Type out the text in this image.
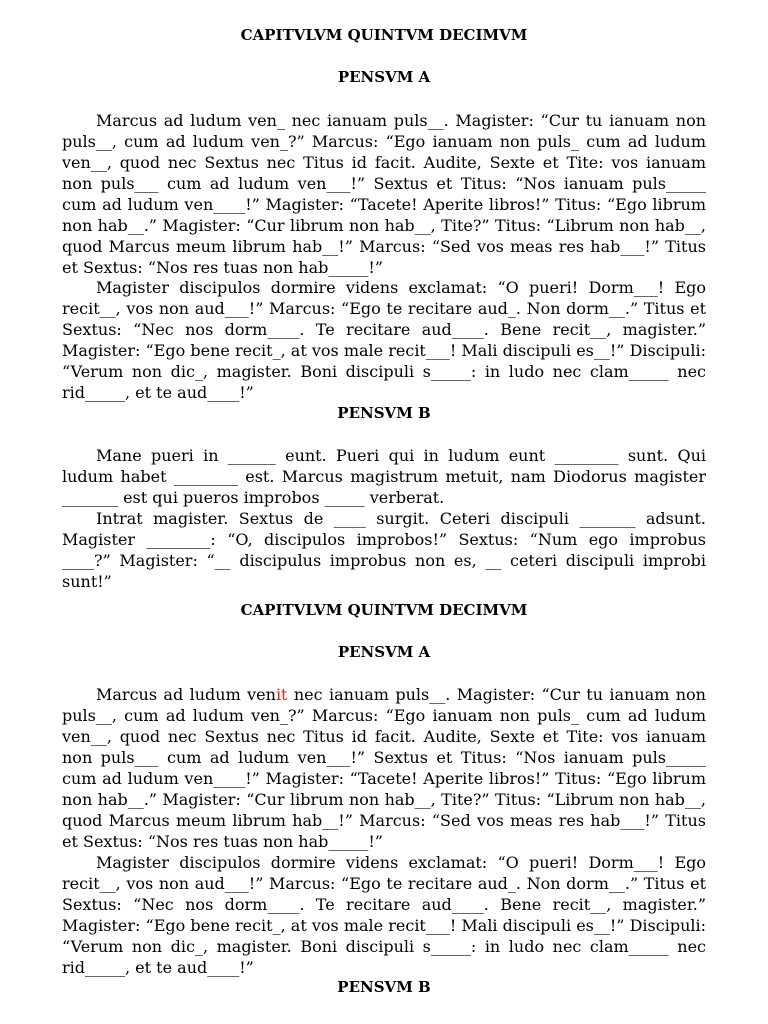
CAPITVLVM QUINTVM DECIMVM
PENSVM A
Marcus ad ludum ven_ nec ianuam puls__. Magister: “Cur tu ianuam non puls__, cum ad ludum ven_?” Marcus: “Ego ianuam non puls_ cum ad ludum ven__, quod nec Sextus nec Titus id facit. Audite, Sexte et Tite: vos ianuam non puls___ cum ad ludum ven___!” Sextus et Titus: “Nos ianuam puls_____ cum ad ludum ven____!” Magister: “Tacete! Aperite libros!” Titus: “Ego librum non hab__.” Magister: “Cur librum non hab__, Tite?” Titus: “Librum non hab__, quod Marcus meum librum hab__!” Marcus: “Sed vos meas res hab___!” Titus et Sextus: “Nos res tuas non hab_____!”
Magister discipulos dormire videns exclamat: “O pueri! Dorm___! Ego recit__, vos non aud___!” Marcus: “Ego te recitare aud_. Non dorm__.” Titus et Sextus: “Nec nos dorm____. Te recitare aud____. Bene recit__, magister.” Magister: “Ego bene recit_, at vos male recit___! Mali discipuli es__!” Discipuli: “Verum non dic_, magister. Boni discipuli s_____: in ludo nec clam_____ nec rid_____, et te aud____!”
PENSVM B
Mane pueri in ______ eunt. Pueri qui in ludum eunt ________ sunt. Qui ludum habet ________ est. Marcus magistrum metuit, nam Diodorus magister _______ est qui pueros improbos _____ verberat.
Intrat magister. Sextus de ____ surgit. Ceteri discipuli _______ adsunt. Magister ________: “O, discipulos improbos!” Sextus: “Num ego improbus ____?” Magister: “__ discipulus improbus non es, __ ceteri discipuli improbi sunt!”
CAPITVLVM QUINTVM DECIMVM
PENSVM A
Marcus ad ludum venit nec ianuam puls__. Magister: “Cur tu ianuam non puls__, cum ad ludum ven_?” Marcus: “Ego ianuam non puls_ cum ad ludum ven__, quod nec Sextus nec Titus id facit. Audite, Sexte et Tite: vos ianuam non puls___ cum ad ludum ven___!” Sextus et Titus: “Nos ianuam puls_____ cum ad ludum ven____!” Magister: “Tacete! Aperite libros!” Titus: “Ego librum non hab__.” Magister: “Cur librum non hab__, Tite?” Titus: “Librum non hab__, quod Marcus meum librum hab__!” Marcus: “Sed vos meas res hab___!” Titus et Sextus: “Nos res tuas non hab_____!”
Magister discipulos dormire videns exclamat: “O pueri! Dorm___! Ego recit__, vos non aud___!” Marcus: “Ego te recitare aud_. Non dorm__.” Titus et Sextus: “Nec nos dorm____. Te recitare aud____. Bene recit__, magister.” Magister: “Ego bene recit_, at vos male recit___! Mali discipuli es__!” Discipuli: “Verum non dic_, magister. Boni discipuli s_____: in ludo nec clam_____ nec rid_____, et te aud____!”
PENSVM B
